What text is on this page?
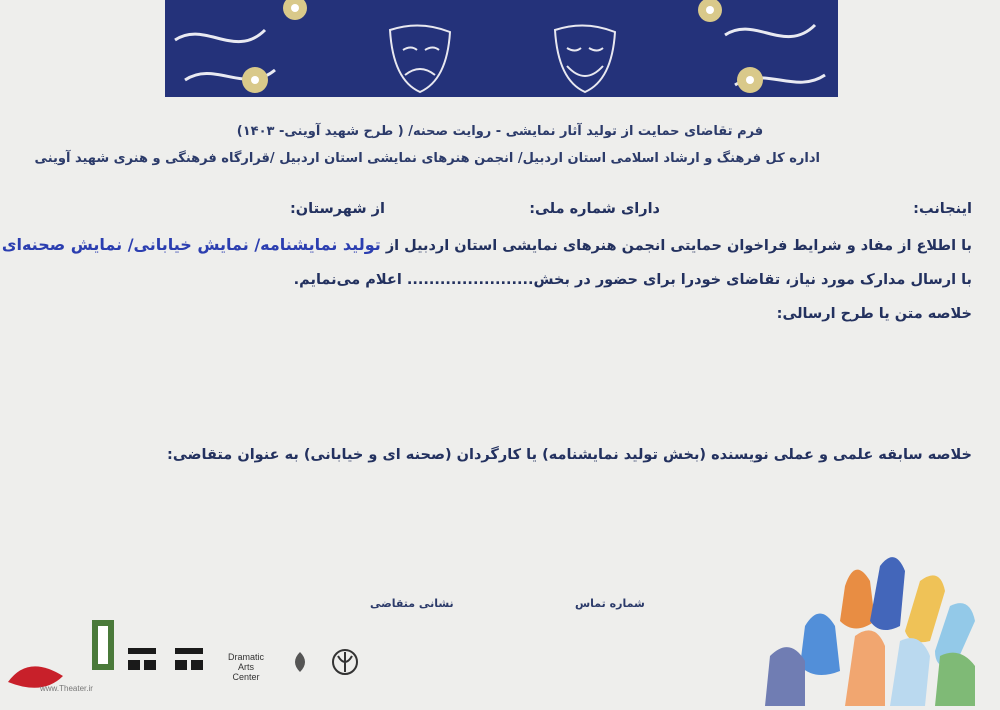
فرم تقاضای حمایت از تولید آثار نمایشی - روایت صحنه/ ( طرح شهید آوینی- ۱۴۰۳)
اداره کل فرهنگ و ارشاد اسلامی استان اردبیل/ انجمن هنرهای نمایشی استان اردبیل /قرارگاه فرهنگی و هنری شهید آوینی
اینجانب:
دارای شماره ملی:
از شهرستان:
با اطلاع از مفاد و شرایط فراخوان حمایتی انجمن هنرهای نمایشی استان اردبیل از تولید نمایشنامه/ نمایش خیابانی/ نمایش صحنه‌ای
با ارسال مدارک مورد نیاز، تقاضای خودرا برای حضور در بخش....................... اعلام می‌نمایم.
خلاصه متن یا طرح ارسالی:
خلاصه سابقه علمی و عملی نویسنده (بخش تولید نمایشنامه) یا کارگردان (صحنه ای و خیابانی) به عنوان متقاضی:
شماره تماس
نشانی متقاضی
Dramatic
Arts
Center
www.Theater.ir
